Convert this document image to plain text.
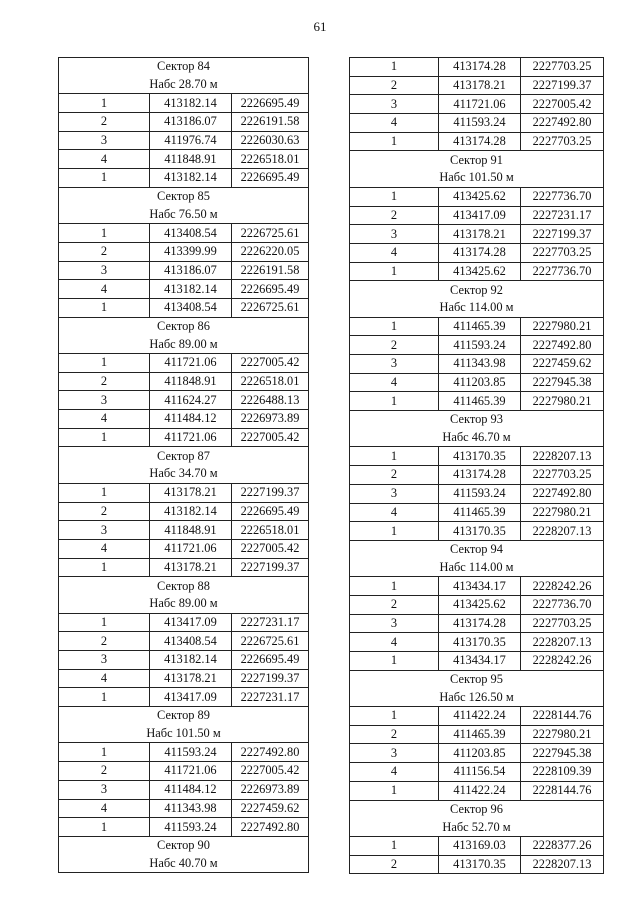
61
Сектор 84		
Набс 28.70 м		
1	413182.14	2226695.49
2	413186.07	2226191.58
3	411976.74	2226030.63
4	411848.91	2226518.01
1	413182.14	2226695.49
Сектор 85		
Набс 76.50 м		
1	413408.54	2226725.61
2	413399.99	2226220.05
3	413186.07	2226191.58
4	413182.14	2226695.49
1	413408.54	2226725.61
Сектор 86		
Набс 89.00 м		
1	411721.06	2227005.42
2	411848.91	2226518.01
3	411624.27	2226488.13
4	411484.12	2226973.89
1	411721.06	2227005.42
Сектор 87		
Набс 34.70 м		
1	413178.21	2227199.37
2	413182.14	2226695.49
3	411848.91	2226518.01
4	411721.06	2227005.42
1	413178.21	2227199.37
Сектор 88		
Набс 89.00 м		
1	413417.09	2227231.17
2	413408.54	2226725.61
3	413182.14	2226695.49
4	413178.21	2227199.37
1	413417.09	2227231.17
Сектор 89		
Набс 101.50 м		
1	411593.24	2227492.80
2	411721.06	2227005.42
3	411484.12	2226973.89
4	411343.98	2227459.62
1	411593.24	2227492.80
Сектор 90		
Набс 40.70 м		
1	413174.28	2227703.25
2	413178.21	2227199.37
3	411721.06	2227005.42
4	411593.24	2227492.80
1	413174.28	2227703.25
Сектор 91		
Набс 101.50 м		
1	413425.62	2227736.70
2	413417.09	2227231.17
3	413178.21	2227199.37
4	413174.28	2227703.25
1	413425.62	2227736.70
Сектор 92		
Набс 114.00 м		
1	411465.39	2227980.21
2	411593.24	2227492.80
3	411343.98	2227459.62
4	411203.85	2227945.38
1	411465.39	2227980.21
Сектор 93		
Набс 46.70 м		
1	413170.35	2228207.13
2	413174.28	2227703.25
3	411593.24	2227492.80
4	411465.39	2227980.21
1	413170.35	2228207.13
Сектор 94		
Набс 114.00 м		
1	413434.17	2228242.26
2	413425.62	2227736.70
3	413174.28	2227703.25
4	413170.35	2228207.13
1	413434.17	2228242.26
Сектор 95		
Набс 126.50 м		
1	411422.24	2228144.76
2	411465.39	2227980.21
3	411203.85	2227945.38
4	411156.54	2228109.39
1	411422.24	2228144.76
Сектор 96		
Набс 52.70 м		
1	413169.03	2228377.26
2	413170.35	2228207.13
